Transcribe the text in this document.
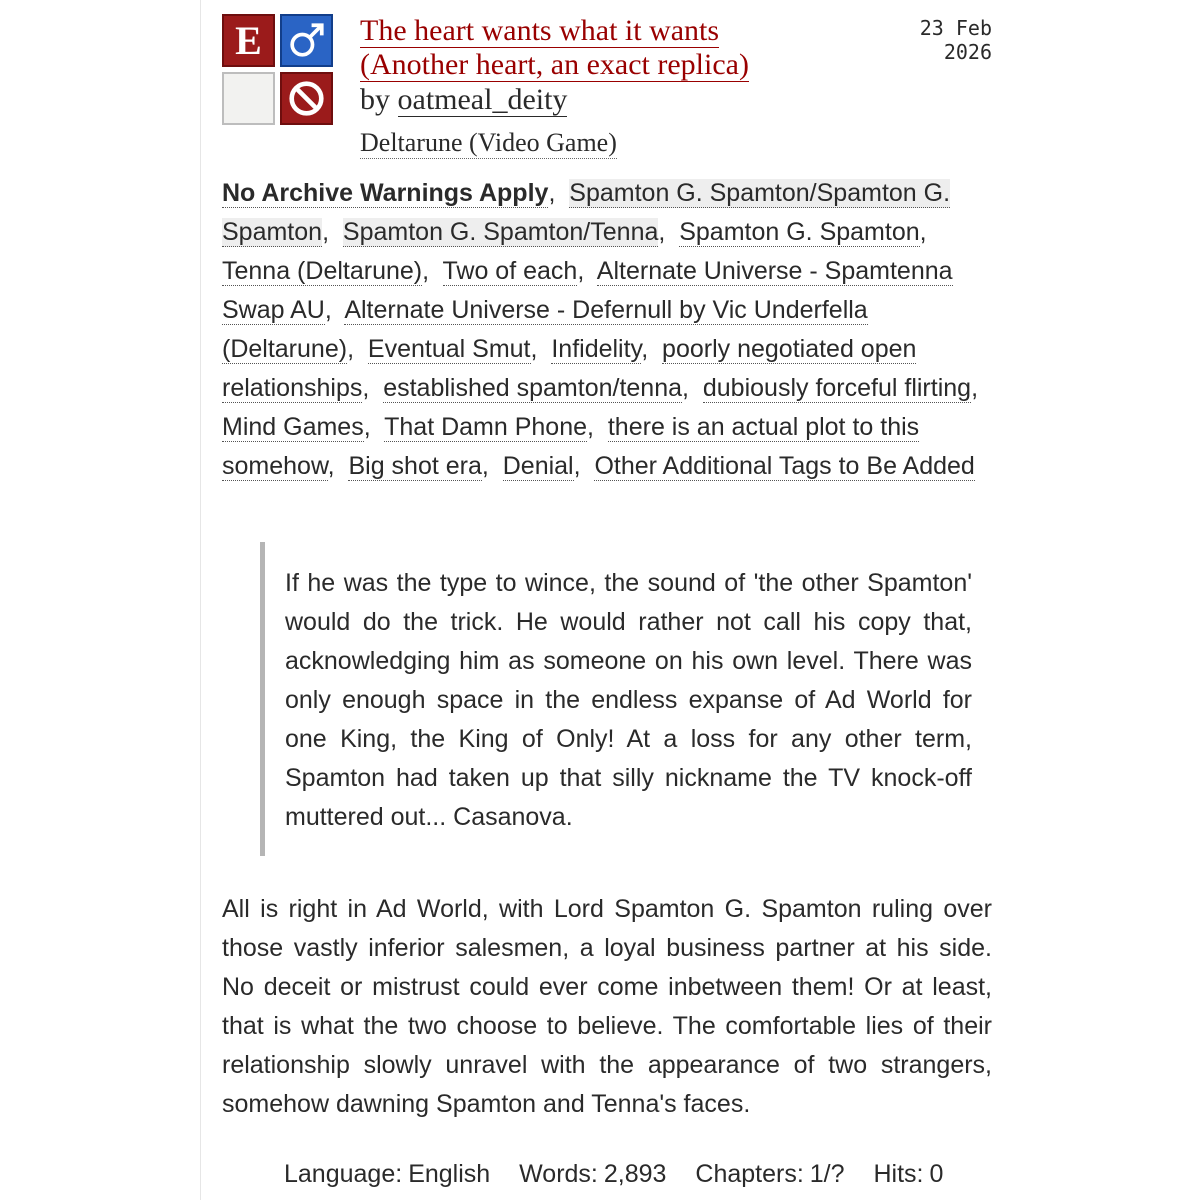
E	The heart wants what it wants
(Another heart, an exact replica)
by oatmeal_deity
Deltarune (Video Game)
23 Feb 2026
No Archive Warnings Apply,  Spamton G. Spamton/Spamton G. Spamton,  Spamton G. Spamton/Tenna,  Spamton G. Spamton,  Tenna (Deltarune),  Two of each,  Alternate Universe - Spamtenna Swap AU,  Alternate Universe - Defernull by Vic Underfella (Deltarune),  Eventual Smut,  Infidelity,  poorly negotiated open relationships,  established spamton/tenna,  dubiously forceful flirting,  Mind Games,  That Damn Phone,  there is an actual plot to this somehow,  Big shot era,  Denial,  Other Additional Tags to Be Added

If he was the type to wince, the sound of 'the other Spamton' would do the trick. He would rather not call his copy that, acknowledging him as someone on his own level. There was only enough space in the endless expanse of Ad World for one King, the King of Only! At a loss for any other term, Spamton had taken up that silly nickname the TV knock-off muttered out... Casanova.

All is right in Ad World, with Lord Spamton G. Spamton ruling over those vastly inferior salesmen, a loyal business partner at his side. No deceit or mistrust could ever come inbetween them! Or at least, that is what the two choose to believe. The comfortable lies of their relationship slowly unravel with the appearance of two strangers, somehow dawning Spamton and Tenna's faces.

Language: English Words: 2,893 Chapters: 1/? Hits: 0
